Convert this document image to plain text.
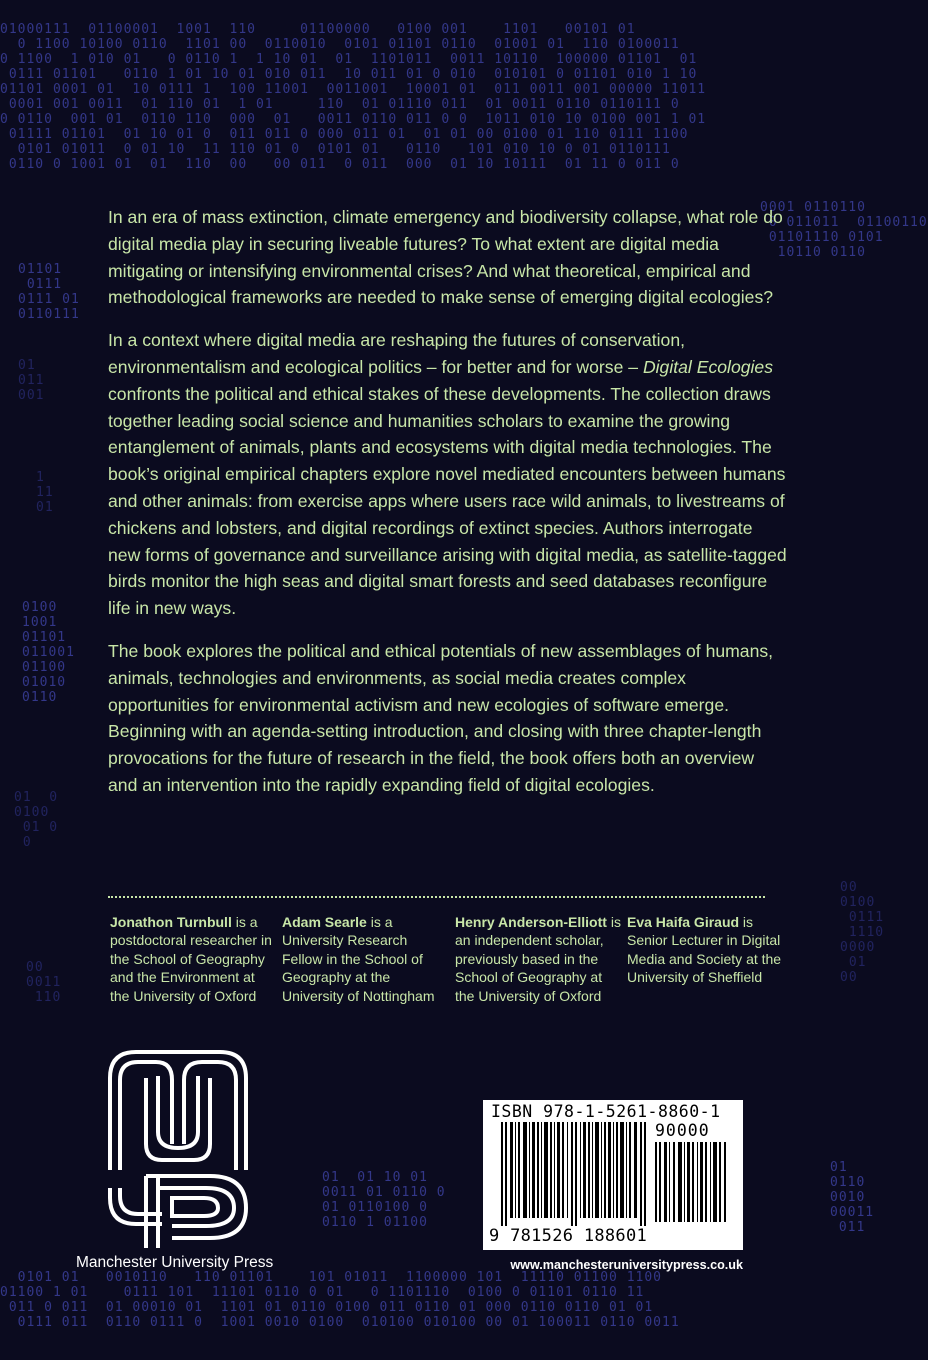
01000111  01100001  1001  110     01100000   0100 001    1101   00101 01
0 1100 10100 0110  1101 00  0110010  0101 01101 0110  01001 01  110 0100011
0 1100  1 010 01   0 0110 1  1 10 01  01  1101011  0011 10110  100000 01101  01
0111 01101   0110 1 01 10 01 010 011  10 011 01 0 010  010101 0 01101 010 1 10
01101 0001 01  10 0111 1  100 11001  0011001  10001 01  011 0011 001 00000 11011
0001 001 0011  01 110 01  1 01     110  01 01110 011  01 0011 0110 0110111 0
0 0110  001 01  0110 110  000  01   0011 0110 011 0 0  1011 010 10 0100 001 1 01
01111 01101  01 10 01 0  011 011 0 000 011 01  01 01 00 0100 01 110 0111 1100
0101 01011  0 01 10  11 110 01 0  0101 01   0110   101 010 10 0 01 0110111
0110 0 1001 01  01  110  00   00 011  0 011  000  01 10 10111  01 11 0 011 0
0001 0110110
0 011011  01100110
01101110 0101
10110 0110
01101
0111
0111 01
0110111
01
011
001
1
11
01
0100
1001
01101
011001
01100
01010
0110
01  0
0100
01 0
0
00
0011
110
00
0100
0111
1110
0000
01
00
01  01 10 01
0011 01 0110 0
01 0110100 0
0110 1 01100
01
0110
0010
00011
011
0101 01   0010110   110 01101    101 01011  1100000 101  11110 01100 1100
01100 1 01    0111 101  11101 0110 0 01   0 1101110  0100 0 01101 0110 11
011 0 011  01 00010 01  1101 01 0110 0100 011 0110 01 000 0110 0110 01 01
0111 011  0110 0111 0  1001 0010 0100  010100 010100 00 01 100011 0110 0011

In an era of mass extinction, climate emergency and biodiversity collapse, what role do digital media play in securing liveable futures? To what extent are digital media mitigating or intensifying environmental crises? And what theoretical, empirical and methodological frameworks are needed to make sense of emerging digital ecologies?

In a context where digital media are reshaping the futures of conservation, environmentalism and ecological politics – for better and for worse – Digital Ecologies confronts the political and ethical stakes of these developments. The collection draws together leading social science and humanities scholars to examine the growing entanglement of animals, plants and ecosystems with digital media technologies. The book’s original empirical chapters explore novel mediated encounters between humans and other animals: from exercise apps where users race wild animals, to livestreams of chickens and lobsters, and digital recordings of extinct species. Authors interrogate new forms of governance and surveillance arising with digital media, as satellite-tagged birds monitor the high seas and digital smart forests and seed databases reconfigure life in new ways.

The book explores the political and ethical potentials of new assemblages of humans, animals, technologies and environments, as social media creates complex opportunities for environmental activism and new ecologies of software emerge. Beginning with an agenda-setting introduction, and closing with three chapter-length provocations for the future of research in the field, the book offers both an overview and an intervention into the rapidly expanding field of digital ecologies.

Jonathon Turnbull is a postdoctoral researcher in the School of Geography and the Environment at the University of Oxford
Adam Searle is a University Research Fellow in the School of Geography at the University of Nottingham
Henry Anderson-Elliott is an independent scholar, previously based in the School of Geography at the University of Oxford
Eva Haifa Giraud is Senior Lecturer in Digital Media and Society at the University of Sheffield
Manchester University Press
ISBN 978-1-5261-8860-1
90000
9 781526 188601
www.manchesteruniversitypress.co.uk
